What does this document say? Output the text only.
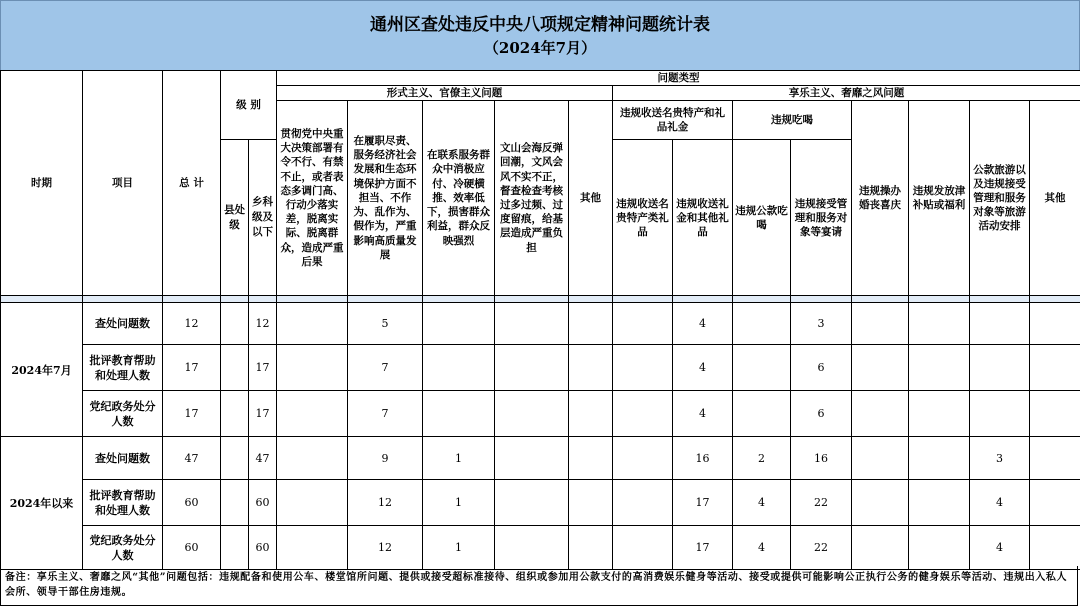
通州区查处违反中央八项规定精神问题统计表
（2024年7月）
时期	项目	总 计	级 别		问题类型												
					形式主义、官僚主义问题					享乐主义、奢靡之风问题							
					贯彻党中央重大决策部署有令不行、有禁不止，或者表态多调门高、行动少落实差，脱离实际、脱离群众，造成严重后果	在履职尽责、服务经济社会发展和生态环境保护方面不担当、不作为、乱作为、假作为，严重影响高质量发展	在联系服务群众中消极应付、冷硬横推、效率低下，损害群众利益，群众反映强烈	文山会海反弹回潮，文风会风不实不正，督查检查考核过多过频、过度留痕，给基层造成严重负担	其他	违规收送名贵特产和礼品礼金		违规吃喝		违规操办婚丧喜庆	违规发放津补贴或福利	公款旅游以及违规接受管理和服务对象等旅游活动安排	其他
			县处级	乡科级及以下						违规收送名贵特产类礼品	违规收送礼金和其他礼品	违规公款吃喝	违规接受管理和服务对象等宴请				

2024年7月	查处问题数	12		12		5					4		3				
	批评教育帮助和处理人数	17		17		7					4		6				
	党纪政务处分人数	17		17		7					4		6				
2024年以来	查处问题数	47		47		9	1				16	2	16			3	
	批评教育帮助和处理人数	60		60		12	1				17	4	22			4	
	党纪政务处分人数	60		60		12	1				17	4	22			4	
备注：享乐主义、奢靡之风“其他”问题包括：违规配备和使用公车、楼堂馆所问题、提供或接受超标准接待、组织或参加用公款支付的高消费娱乐健身等活动、接受或提供可能影响公正执行公务的健身娱乐等活动、违规出入私人会所、领导干部住房违规。
